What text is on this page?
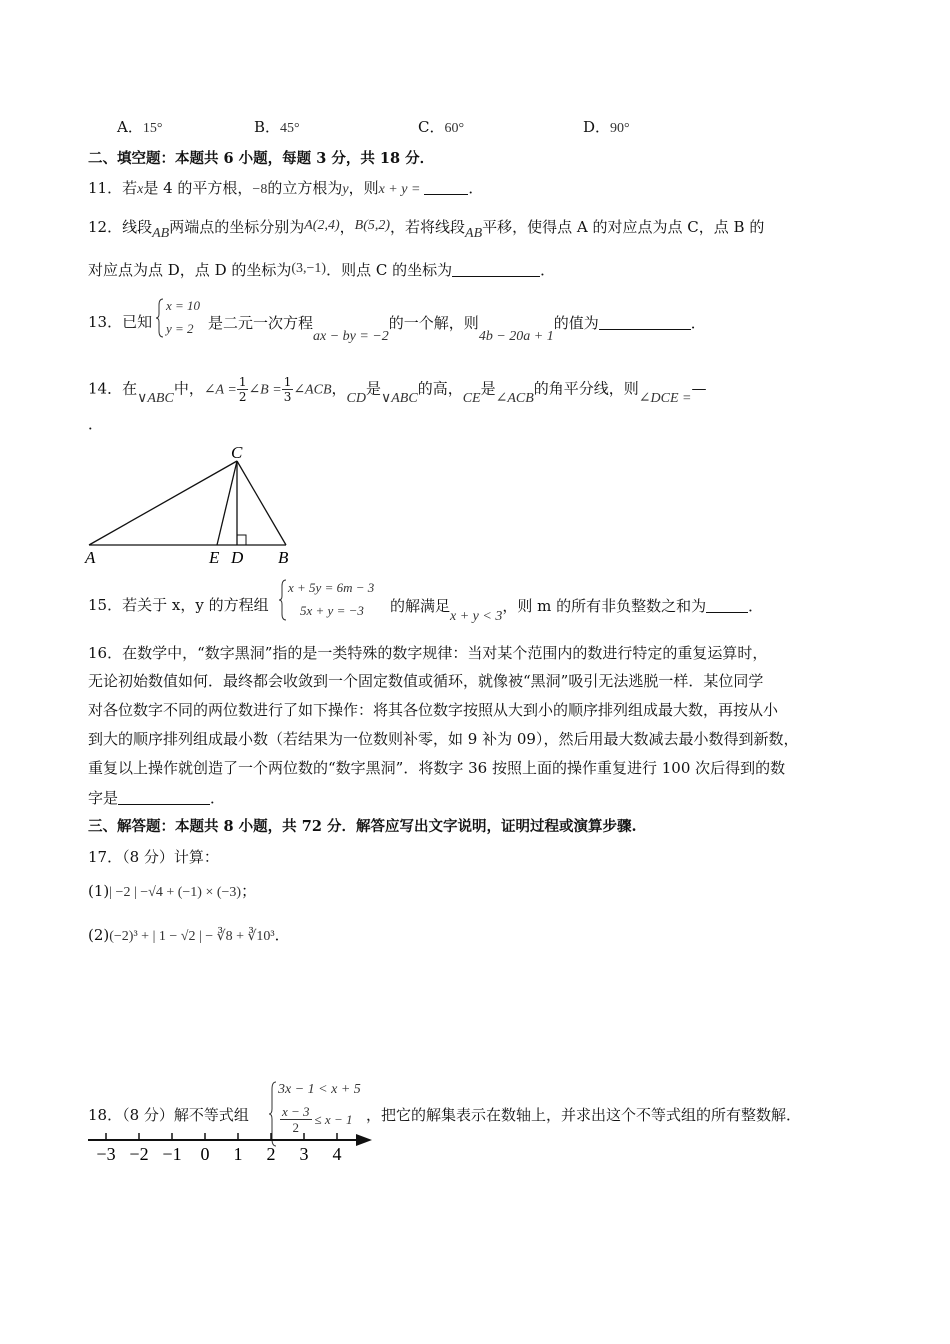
A．15°	B．45°	C．60°	D．90°
二、填空题：本题共 6 小题，每题 3 分，共 18 分．
11．若x是 4 的平方根，−8的立方根为y，则x + y =	．
12．线段AB两端点的坐标分别为A(2,4)，B(5,2)，若将线段AB平移，使得点 A 的对应点为点 C，点 B 的
对应点为点 D，点 D 的坐标为(3,−1)．则点 C 的坐标为	．
13．已知
x = 10
y = 2 是二元一次方程ax − by = −2的一个解，则4b − 20a + 1的值为	．
14．在∨ABC中，∠A = $\frac{1}{2}$ ∠B = $\frac{1}{3}$ ∠ACB，CD是∨ABC的高，CE是∠ACB的角平分线，则∠DCE =—
．
C
A	E D B
15．若关于 x，y 的方程组
x + 5y = 6m − 3
5x + y = −3 的解满足x + y < 3，则 m 的所有非负整数之和为	．
16．在数学中，“数字黑洞”指的是一类特殊的数字规律：当对某个范围内的数进行特定的重复运算时，
无论初始数值如何．最终都会收敛到一个固定数值或循环，就像被“黑洞”吸引无法逃脱一样．某位同学
对各位数字不同的两位数进行了如下操作：将其各位数字按照从大到小的顺序排列组成最大数，再按从小
到大的顺序排列组成最小数（若结果为一位数则补零，如 9 补为 09），然后用最大数减去最小数得到新数，
重复以上操作就创造了一个两位数的“数字黑洞”．将数字 36 按照上面的操作重复进行 100 次后得到的数
字是	．
三、解答题：本题共 8 小题，共 72 分．解答应写出文字说明，证明过程或演算步骤.
17．（8 分）计算：
(1)| −2 | −√4 + (−1) × (−3)；
(2)(−2)³ + | 1 − √2 | − ∛8 + ∛10³．
18．（8 分）解不等式组
3x − 1 < x + 5
$\frac{x - 3}{2} \le x - 1$ ，把它的解集表示在数轴上，并求出这个不等式组的所有整数解．
−3 −2 −1 0 1 2 3 4
